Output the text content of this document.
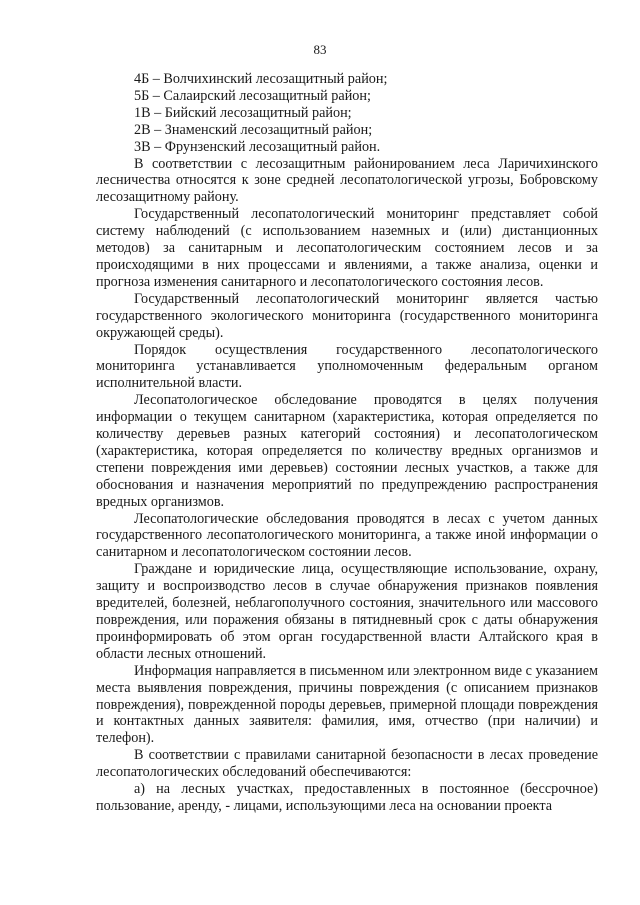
83

4Б – Волчихинский лесозащитный район;

5Б – Салаирский лесозащитный район;

1В – Бийский лесозащитный район;

2В – Знаменский лесозащитный район;

3В – Фрунзенский лесозащитный район.

В соответствии с лесозащитным районированием леса Ларичихинского лесничества относятся к зоне средней лесопатологической угрозы, Бобровскому лесозащитному району.

Государственный лесопатологический мониторинг представляет собой систему наблюдений (с использованием наземных и (или) дистанционных методов) за санитарным и лесопатологическим состоянием лесов и за происходящими в них процессами и явлениями, а также анализа, оценки и прогноза изменения санитарного и лесопатологического состояния лесов.

Государственный лесопатологический мониторинг является частью государственного экологического мониторинга (государственного мониторинга окружающей среды).

Порядок осуществления государственного лесопатологического мониторинга устанавливается уполномоченным федеральным органом исполнительной власти.

Лесопатологическое обследование проводятся в целях получения информации о текущем санитарном (характеристика, которая определяется по количеству деревьев разных категорий состояния) и лесопатологическом (характеристика, которая определяется по количеству вредных организмов и степени повреждения ими деревьев) состоянии лесных участков, а также для обоснования и назначения мероприятий по предупреждению распространения вредных организмов.

Лесопатологические обследования проводятся в лесах с учетом данных государственного лесопатологического мониторинга, а также иной информации о санитарном и лесопатологическом состоянии лесов.

Граждане и юридические лица, осуществляющие использование, охрану, защиту и воспроизводство лесов в случае обнаружения признаков появления вредителей, болезней, неблагополучного состояния, значительного или массового повреждения, или поражения обязаны в пятидневный срок с даты обнаружения проинформировать об этом орган государственной власти Алтайского края в области лесных отношений.

Информация направляется в письменном или электронном виде с указанием места выявления повреждения, причины повреждения (с описанием признаков повреждения), поврежденной породы деревьев, примерной площади повреждения и контактных данных заявителя: фамилия, имя, отчество (при наличии) и телефон).

В соответствии с правилами санитарной безопасности в лесах проведение лесопатологических обследований обеспечиваются:

а) на лесных участках, предоставленных в постоянное (бессрочное) пользование, аренду, - лицами, использующими леса на основании проекта
